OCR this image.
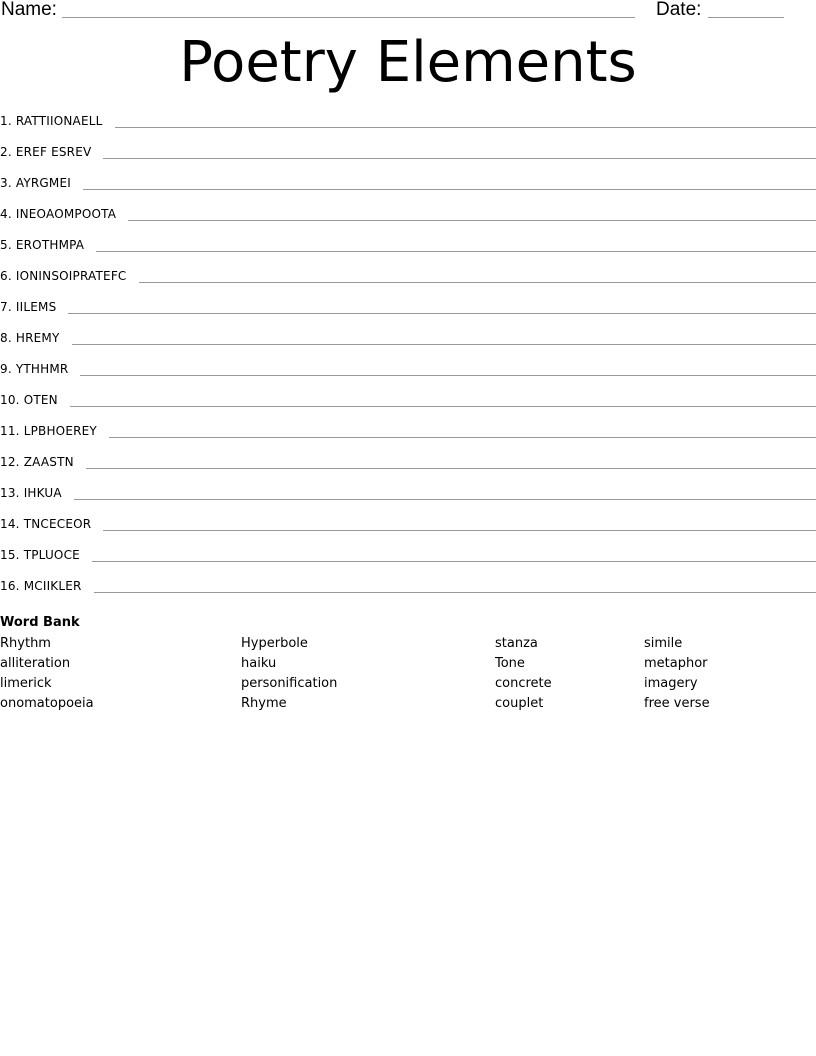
Name:	Date:
Poetry Elements
1. RATTIIONAELL
2. EREF ESREV
3. AYRGMEI
4. INEOAOMPOOTA
5. EROTHMPA
6. IONINSOIPRATEFC
7. IILEMS
8. HREMY
9. YTHHMR
10. OTEN
11. LPBHOEREY
12. ZAASTN
13. IHKUA
14. TNCECEOR
15. TPLUOCE
16. MCIIKLER
Word Bank
Rhythm
alliteration
limerick
onomatopoeia
Hyperbole
haiku
personification
Rhyme
stanza
Tone
concrete
couplet
simile
metaphor
imagery
free verse
